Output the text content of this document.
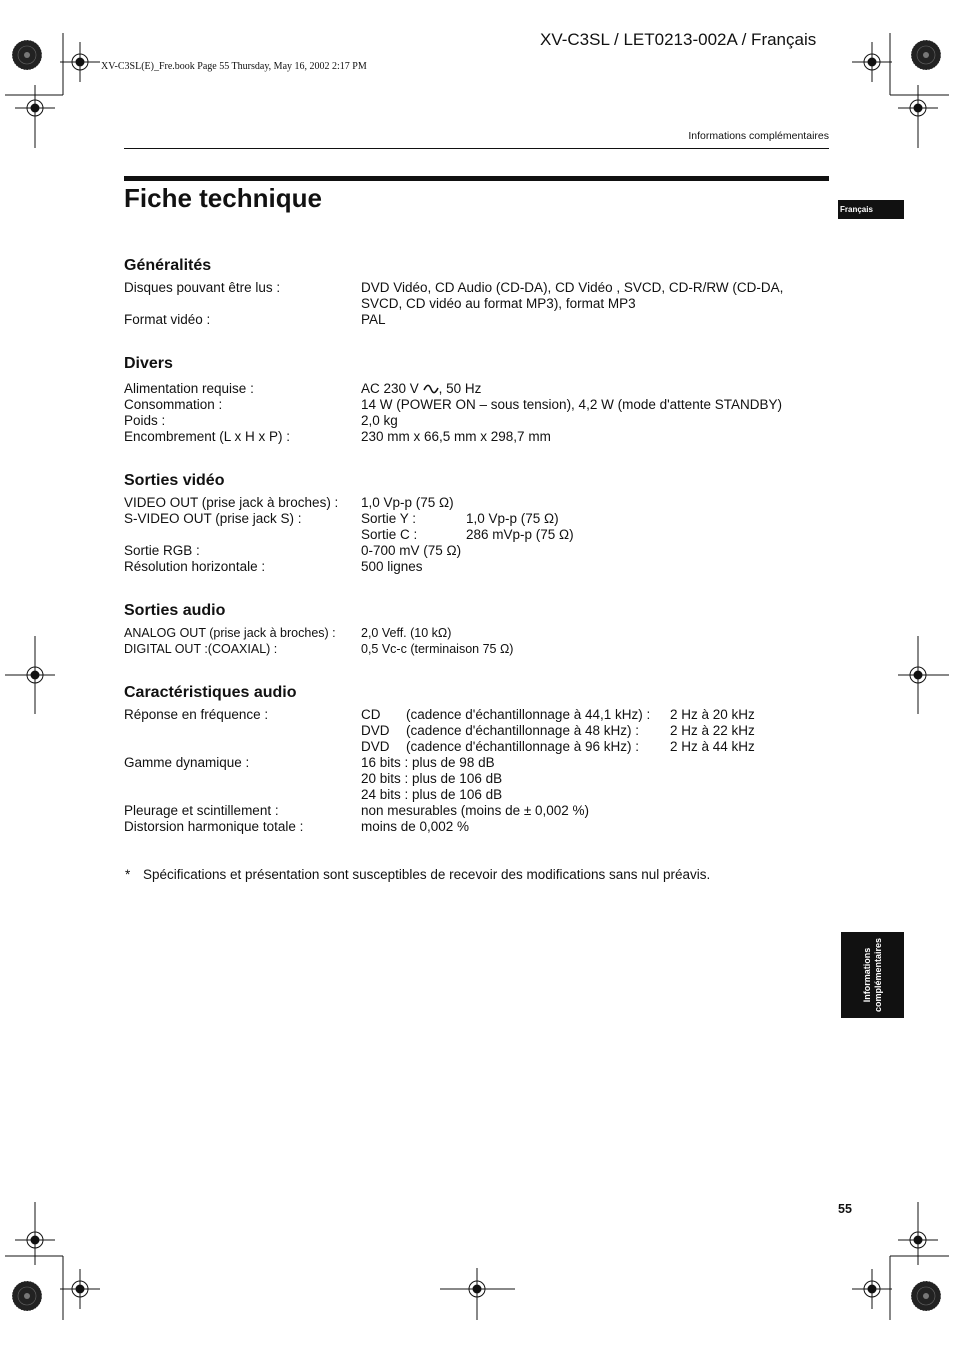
XV-C3SL / LET0213-002A / Français
XV-C3SL(E)_Fre.book Page 55 Thursday, May 16, 2002 2:17 PM
Informations complémentaires
Fiche technique	Français
Informations complémentaires
Généralités
Disques pouvant être lus :	DVD Vidéo, CD Audio (CD-DA), CD Vidéo , SVCD, CD-R/RW (CD-DA,
SVCD, CD vidéo au format MP3), format MP3
Format vidéo :	PAL
Divers
Alimentation requise :	AC 230 V , 50 Hz
Consommation :	14 W (POWER ON – sous tension), 4,2 W (mode d'attente STANDBY)
Poids :	2,0 kg
Encombrement (L x H x P) :	230 mm x 66,5 mm x 298,7 mm
Sorties vidéo
VIDEO OUT (prise jack à broches) : 1,0 Vp-p (75 Ω)
S-VIDEO OUT (prise jack S) :	Sortie Y :	1,0 Vp-p (75 Ω)
Sortie C :	286 mVp-p (75 Ω)
Sortie RGB :	0-700 mV (75 Ω)
Résolution horizontale :	500 lignes
Sorties audio
ANALOG OUT (prise jack à broches) : 2,0 Veff. (10 kΩ)
DIGITAL OUT :(COAXIAL) :	0,5 Vc-c (terminaison 75 Ω)
Caractéristiques audio
Réponse en fréquence :	CD (cadence d'échantillonnage à 44,1 kHz) : 2 Hz à 20 kHz
DVD (cadence d'échantillonnage à 48 kHz) : 2 Hz à 22 kHz
DVD (cadence d'échantillonnage à 96 kHz) : 2 Hz à 44 kHz
Gamme dynamique :	16 bits : plus de 98 dB
20 bits : plus de 106 dB
24 bits : plus de 106 dB
Pleurage et scintillement :	non mesurables (moins de ± 0,002 %)
Distorsion harmonique totale :	moins de 0,002 %
* Spécifications et présentation sont susceptibles de recevoir des modifications sans nul préavis.
55
